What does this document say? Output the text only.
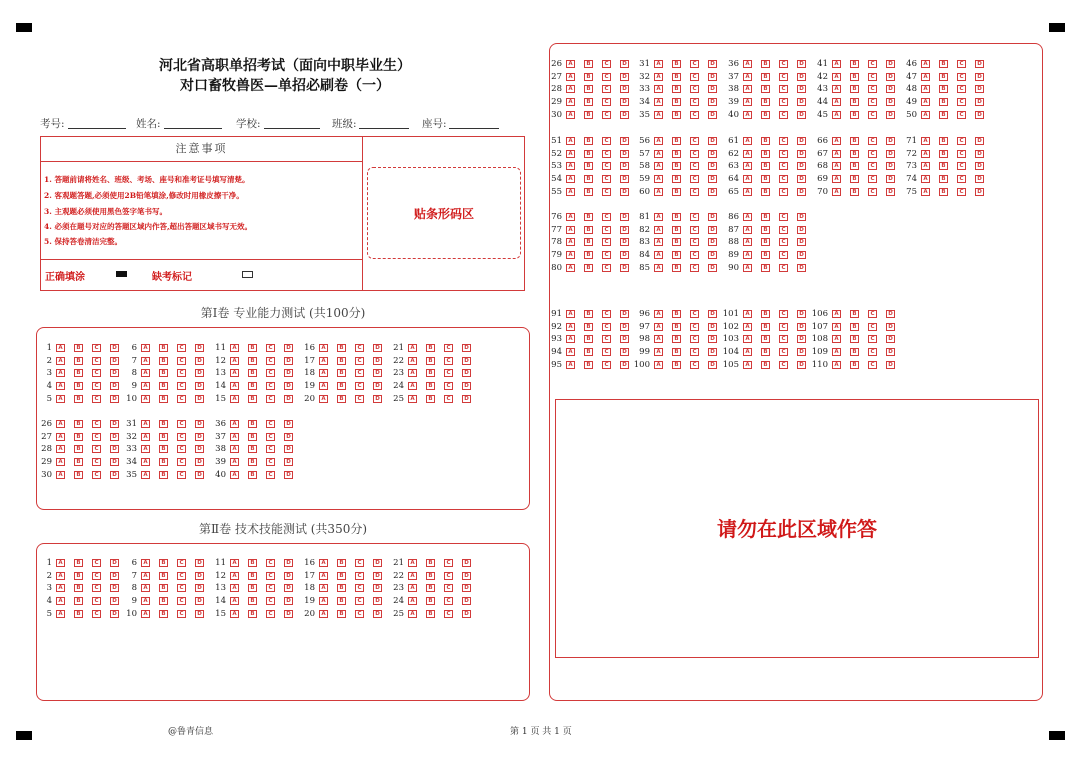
河北省高职单招考试（面向中职毕业生）
对口畜牧兽医—单招必刷卷（一）
考号:	姓名:	学校:	班级:	座号:
注意事项
1. 答题前请将姓名、班级、考场、座号和准考证号填写清楚。
2. 客观题答题,必须使用2B铅笔填涂,修改时用橡皮擦干净。
3. 主观题必须使用黑色签字笔书写。
4. 必须在题号对应的答题区域内作答,超出答题区域书写无效。
5. 保持答卷清洁完整。
正确填涂	缺考标记
贴条形码区
第Ⅰ卷 专业能力测试 (共100分)
第Ⅱ卷 技术技能测试 (共350分)	请勿在此区域作答
@鲁青信息	第 1 页 共 1 页
1	A	B	C	D
2	A	B	C	D
3	A	B	C	D
4	A	B	C	D
5	A	B	C	D
6	A	B	C	D
7	A	B	C	D
8	A	B	C	D
9	A	B	C	D
10	A	B	C	D
11	A	B	C	D
12	A	B	C	D
13	A	B	C	D
14	A	B	C	D
15	A	B	C	D
16	A	B	C	D
17	A	B	C	D
18	A	B	C	D
19	A	B	C	D
20	A	B	C	D
21	A	B	C	D
22	A	B	C	D
23	A	B	C	D
24	A	B	C	D
25	A	B	C	D
26	A	B	C	D
27	A	B	C	D
28	A	B	C	D
29	A	B	C	D
30	A	B	C	D
31	A	B	C	D
32	A	B	C	D
33	A	B	C	D
34	A	B	C	D
35	A	B	C	D
36	A	B	C	D
37	A	B	C	D
38	A	B	C	D
39	A	B	C	D
40	A	B	C	D
1	A	B	C	D
2	A	B	C	D
3	A	B	C	D
4	A	B	C	D
5	A	B	C	D
6	A	B	C	D
7	A	B	C	D
8	A	B	C	D
9	A	B	C	D
10	A	B	C	D
11	A	B	C	D
12	A	B	C	D
13	A	B	C	D
14	A	B	C	D
15	A	B	C	D
16	A	B	C	D
17	A	B	C	D
18	A	B	C	D
19	A	B	C	D
20	A	B	C	D
21	A	B	C	D
22	A	B	C	D
23	A	B	C	D
24	A	B	C	D
25	A	B	C	D
26	A	B	C	D
27	A	B	C	D
28	A	B	C	D
29	A	B	C	D
30	A	B	C	D
31	A	B	C	D
32	A	B	C	D
33	A	B	C	D
34	A	B	C	D
35	A	B	C	D
36	A	B	C	D
37	A	B	C	D
38	A	B	C	D
39	A	B	C	D
40	A	B	C	D
41	A	B	C	D
42	A	B	C	D
43	A	B	C	D
44	A	B	C	D
45	A	B	C	D
46	A	B	C	D
47	A	B	C	D
48	A	B	C	D
49	A	B	C	D
50	A	B	C	D
51	A	B	C	D
52	A	B	C	D
53	A	B	C	D
54	A	B	C	D
55	A	B	C	D
56	A	B	C	D
57	A	B	C	D
58	A	B	C	D
59	A	B	C	D
60	A	B	C	D
61	A	B	C	D
62	A	B	C	D
63	A	B	C	D
64	A	B	C	D
65	A	B	C	D
66	A	B	C	D
67	A	B	C	D
68	A	B	C	D
69	A	B	C	D
70	A	B	C	D
71	A	B	C	D
72	A	B	C	D
73	A	B	C	D
74	A	B	C	D
75	A	B	C	D
76	A	B	C	D
77	A	B	C	D
78	A	B	C	D
79	A	B	C	D
80	A	B	C	D
81	A	B	C	D
82	A	B	C	D
83	A	B	C	D
84	A	B	C	D
85	A	B	C	D
86	A	B	C	D
87	A	B	C	D
88	A	B	C	D
89	A	B	C	D
90	A	B	C	D
91	A	B	C	D
92	A	B	C	D
93	A	B	C	D
94	A	B	C	D
95	A	B	C	D
96	A	B	C	D
97	A	B	C	D
98	A	B	C	D
99	A	B	C	D
100	A	B	C	D
101	A	B	C	D
102	A	B	C	D
103	A	B	C	D
104	A	B	C	D
105	A	B	C	D
106	A	B	C	D
107	A	B	C	D
108	A	B	C	D
109	A	B	C	D
110	A	B	C	D
